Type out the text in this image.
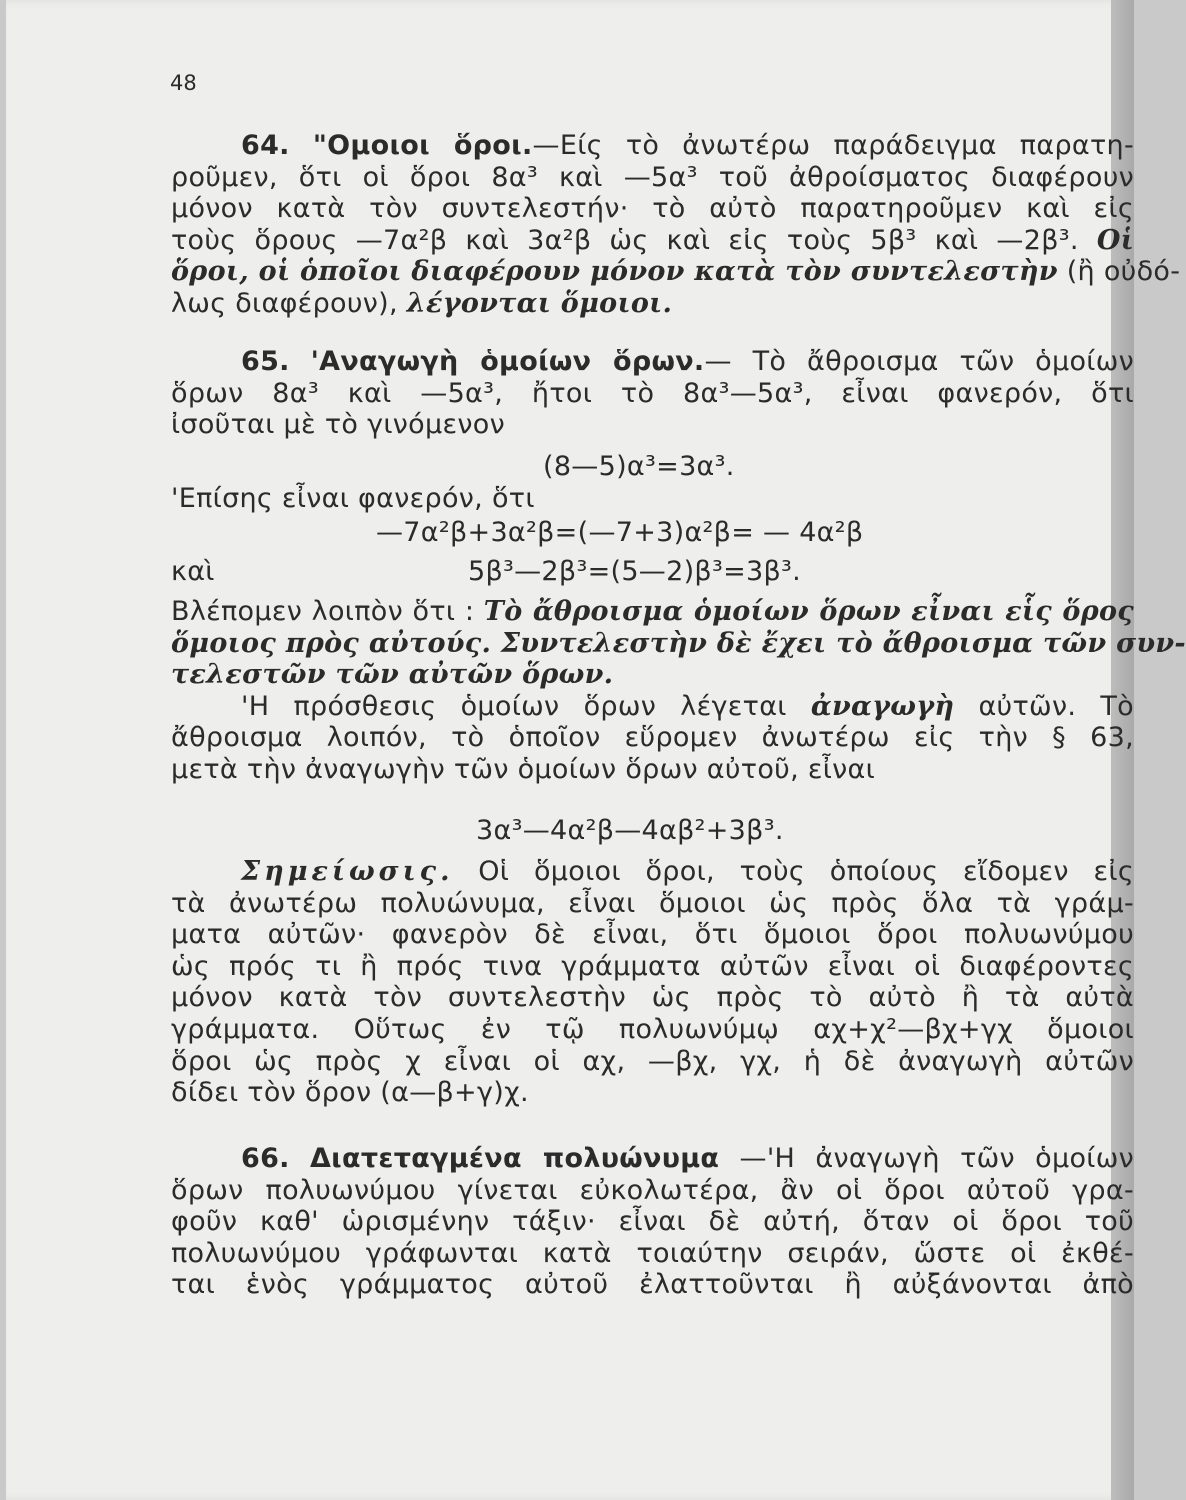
48
64. "Ομοιοι ὅροι.—Είς τὸ ἀνωτέρω παράδειγμα παρατη-
ροῦμεν, ὅτι οἱ ὅροι 8α³ καὶ —5α³ τοῦ ἀθροίσματος διαφέρουν
μόνον κατὰ τὸν συντελεστήν· τὸ αὐτὸ παρατηροῦμεν καὶ εἰς
τοὺς ὅρους —7α²β καὶ 3α²β ὡς καὶ εἰς τοὺς 5β³ καὶ —2β³. Οἱ
ὅροι, οἱ ὁποῖοι διαφέρουν μόνον κατὰ τὸν συντελεστὴν (ἢ οὐδό-
λως διαφέρουν), λέγονται ὅμοιοι.
65. 'Αναγωγὴ ὁμοίων ὅρων.— Τὸ ἄθροισμα τῶν ὁμοίων
ὅρων 8α³ καὶ —5α³, ἤτοι τὸ 8α³—5α³, εἶναι φανερόν, ὅτι
ἰσοῦται μὲ τὸ γινόμενον
(8—5)α³=3α³.
'Επίσης εἶναι φανερόν, ὅτι
—7α²β+3α²β=(—7+3)α²β= — 4α²β
καὶ	5β³—2β³=(5—2)β³=3β³.
Βλέπομεν λοιπὸν ὅτι : Τὸ ἄθροισμα ὁμοίων ὅρων εἶναι εἷς ὅρος
ὅμοιος πρὸς αὐτούς. Συντελεστὴν δὲ ἔχει τὸ ἄθροισμα τῶν συν-
τελεστῶν τῶν αὐτῶν ὅρων.
'Η πρόσθεσις ὁμοίων ὅρων λέγεται ἀναγωγὴ αὐτῶν. Τὸ
ἄθροισμα λοιπόν, τὸ ὁποῖον εὕρομεν ἀνωτέρω εἰς τὴν § 63,
μετὰ τὴν ἀναγωγὴν τῶν ὁμοίων ὅρων αὐτοῦ, εἶναι
3α³—4α²β—4αβ²+3β³.
Σημείωσις. Οἱ ὅμοιοι ὅροι, τοὺς ὁποίους εἴδομεν εἰς
τὰ ἀνωτέρω πολυώνυμα, εἶναι ὅμοιοι ὡς πρὸς ὅλα τὰ γράμ-
ματα αὐτῶν· φανερὸν δὲ εἶναι, ὅτι ὅμοιοι ὅροι πολυωνύμου
ὡς πρός τι ἢ πρός τινα γράμματα αὐτῶν εἶναι οἱ διαφέροντες
μόνον κατὰ τὸν συντελεστὴν ὡς πρὸς τὸ αὐτὸ ἢ τὰ αὐτὰ
γράμματα. Οὕτως ἐν τῷ πολυωνύμῳ αχ+χ²—βχ+γχ ὅμοιοι
ὅροι ὡς πρὸς χ εἶναι οἱ αχ, —βχ, γχ, ἡ δὲ ἀναγωγὴ αὐτῶν
δίδει τὸν ὅρον (α—β+γ)χ.
66. Διατεταγμένα πολυώνυμα —'Η ἀναγωγὴ τῶν ὁμοίων
ὅρων πολυωνύμου γίνεται εὐκολωτέρα, ἂν οἱ ὅροι αὐτοῦ γρα-
φοῦν καθ' ὡρισμένην τάξιν· εἶναι δὲ αὐτή, ὅταν οἱ ὅροι τοῦ
πολυωνύμου γράφωνται κατὰ τοιαύτην σειράν, ὥστε οἱ ἐκθέ-
ται ἑνὸς γράμματος αὐτοῦ ἐλαττοῦνται ἢ αὐξάνονται ἀπὸ
